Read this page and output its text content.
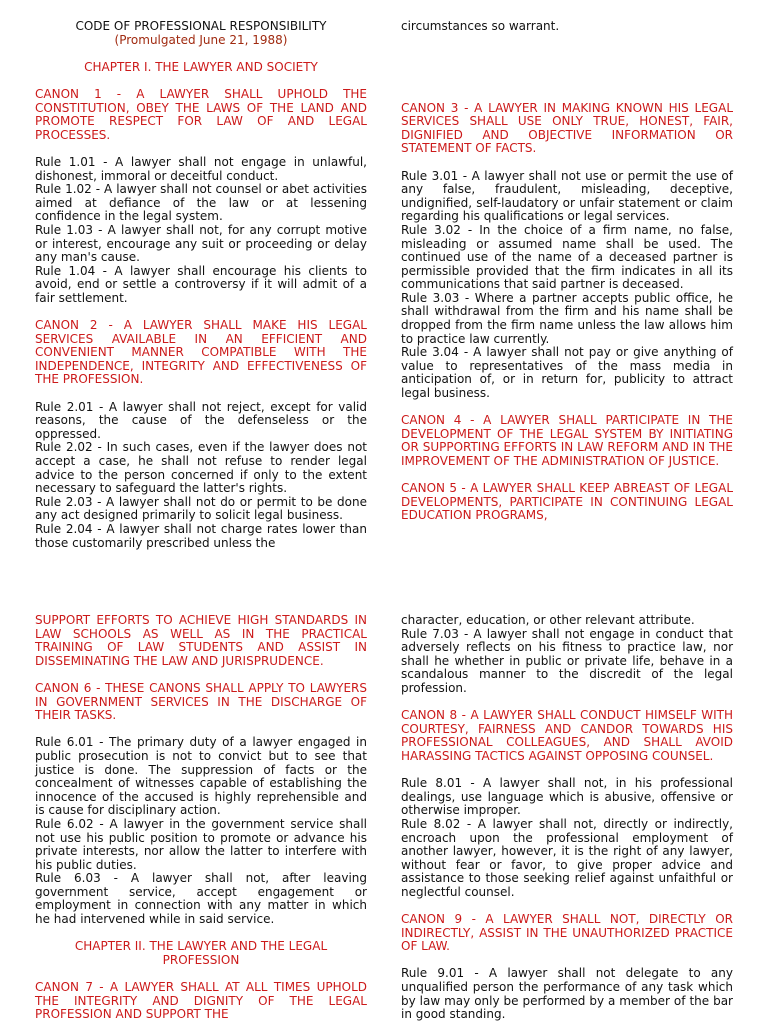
CODE OF PROFESSIONAL RESPONSIBILITY

(Promulgated June 21, 1988)

CHAPTER I. THE LAWYER AND SOCIETY

CANON 1 - A LAWYER SHALL UPHOLD THE CONSTITUTION, OBEY THE LAWS OF THE LAND AND PROMOTE RESPECT FOR LAW OF AND LEGAL PROCESSES.

Rule 1.01 - A lawyer shall not engage in unlawful, dishonest, immoral or deceitful conduct.

Rule 1.02 - A lawyer shall not counsel or abet activities aimed at defiance of the law or at lessening confidence in the legal system.

Rule 1.03 - A lawyer shall not, for any corrupt motive or interest, encourage any suit or proceeding or delay any man's cause.

Rule 1.04 - A lawyer shall encourage his clients to avoid, end or settle a controversy if it will admit of a fair settlement.

CANON 2 - A LAWYER SHALL MAKE HIS LEGAL SERVICES AVAILABLE IN AN EFFICIENT AND CONVENIENT MANNER COMPATIBLE WITH THE INDEPENDENCE, INTEGRITY AND EFFECTIVENESS OF THE PROFESSION.

Rule 2.01 - A lawyer shall not reject, except for valid reasons, the cause of the defenseless or the oppressed.

Rule 2.02 - In such cases, even if the lawyer does not accept a case, he shall not refuse to render legal advice to the person concerned if only to the extent necessary to safeguard the latter's rights.

Rule 2.03 - A lawyer shall not do or permit to be done any act designed primarily to solicit legal business.

Rule 2.04 - A lawyer shall not charge rates lower than those customarily prescribed unless the

circumstances so warrant.

CANON 3 - A LAWYER IN MAKING KNOWN HIS LEGAL SERVICES SHALL USE ONLY TRUE, HONEST, FAIR, DIGNIFIED AND OBJECTIVE INFORMATION OR STATEMENT OF FACTS.

Rule 3.01 - A lawyer shall not use or permit the use of any false, fraudulent, misleading, deceptive, undignified, self-laudatory or unfair statement or claim regarding his qualifications or legal services.

Rule 3.02 - In the choice of a firm name, no false, misleading or assumed name shall be used. The continued use of the name of a deceased partner is permissible provided that the firm indicates in all its communications that said partner is deceased.

Rule 3.03 - Where a partner accepts public office, he shall withdrawal from the firm and his name shall be dropped from the firm name unless the law allows him to practice law currently.

Rule 3.04 - A lawyer shall not pay or give anything of value to representatives of the mass media in anticipation of, or in return for, publicity to attract legal business.

CANON 4 - A LAWYER SHALL PARTICIPATE IN THE DEVELOPMENT OF THE LEGAL SYSTEM BY INITIATING OR SUPPORTING EFFORTS IN LAW REFORM AND IN THE IMPROVEMENT OF THE ADMINISTRATION OF JUSTICE.

CANON 5 - A LAWYER SHALL KEEP ABREAST OF LEGAL DEVELOPMENTS, PARTICIPATE IN CONTINUING LEGAL EDUCATION PROGRAMS,

SUPPORT EFFORTS TO ACHIEVE HIGH STANDARDS IN LAW SCHOOLS AS WELL AS IN THE PRACTICAL TRAINING OF LAW STUDENTS AND ASSIST IN DISSEMINATING THE LAW AND JURISPRUDENCE.

CANON 6 - THESE CANONS SHALL APPLY TO LAWYERS IN GOVERNMENT SERVICES IN THE DISCHARGE OF THEIR TASKS.

Rule 6.01 - The primary duty of a lawyer engaged in public prosecution is not to convict but to see that justice is done. The suppression of facts or the concealment of witnesses capable of establishing the innocence of the accused is highly reprehensible and is cause for disciplinary action.

Rule 6.02 - A lawyer in the government service shall not use his public position to promote or advance his private interests, nor allow the latter to interfere with his public duties.

Rule 6.03 - A lawyer shall not, after leaving government service, accept engagement or employment in connection with any matter in which he had intervened while in said service.

CHAPTER II. THE LAWYER AND THE LEGAL PROFESSION

CANON 7 - A LAWYER SHALL AT ALL TIMES UPHOLD THE INTEGRITY AND DIGNITY OF THE LEGAL PROFESSION AND SUPPORT THE

character, education, or other relevant attribute.

Rule 7.03 - A lawyer shall not engage in conduct that adversely reflects on his fitness to practice law, nor shall he whether in public or private life, behave in a scandalous manner to the discredit of the legal profession.

CANON 8 - A LAWYER SHALL CONDUCT HIMSELF WITH COURTESY, FAIRNESS AND CANDOR TOWARDS HIS PROFESSIONAL COLLEAGUES, AND SHALL AVOID HARASSING TACTICS AGAINST OPPOSING COUNSEL.

Rule 8.01 - A lawyer shall not, in his professional dealings, use language which is abusive, offensive or otherwise improper.

Rule 8.02 - A lawyer shall not, directly or indirectly, encroach upon the professional employment of another lawyer, however, it is the right of any lawyer, without fear or favor, to give proper advice and assistance to those seeking relief against unfaithful or neglectful counsel.

CANON 9 - A LAWYER SHALL NOT, DIRECTLY OR INDIRECTLY, ASSIST IN THE UNAUTHORIZED PRACTICE OF LAW.

Rule 9.01 - A lawyer shall not delegate to any unqualified person the performance of any task which by law may only be performed by a member of the bar in good standing.
